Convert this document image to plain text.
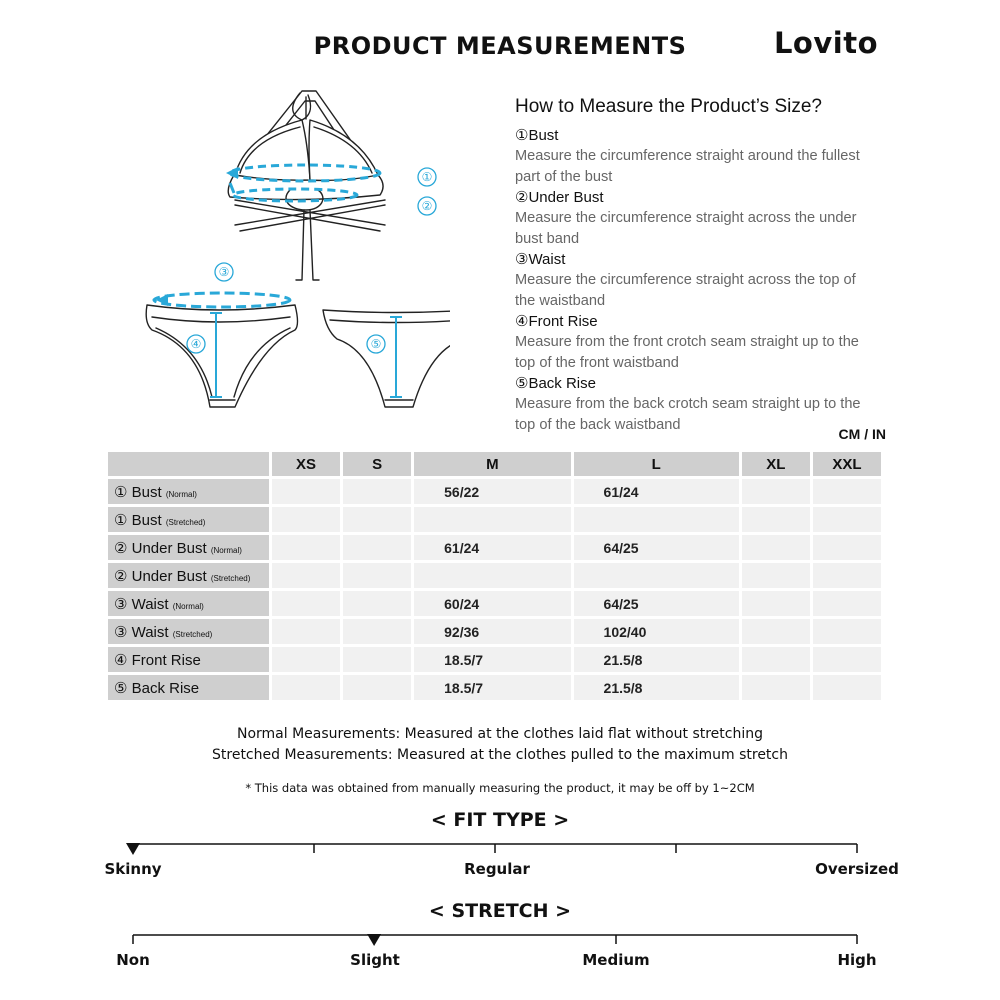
PRODUCT MEASUREMENTS	Lovito
①
②
③
④	⑤
How to Measure the Product’s Size?
①Bust
Measure the circumference straight around the fullest part of the bust
②Under Bust
Measure the circumference straight across the under bust band
③Waist
Measure the circumference straight across the top of the waistband
④Front Rise
Measure from the front crotch seam straight up to the top of the front waistband
⑤Back Rise
Measure from the back crotch seam straight up to the top of the back waistband
CM / IN
	XS	S	M	L	XL	XXL
① Bust (Normal)			56/22	61/24		
① Bust (Stretched)						
② Under Bust (Normal)			61/24	64/25		
② Under Bust (Stretched)						
③ Waist (Normal)			60/24	64/25		
③ Waist (Stretched)			92/36	102/40		
④ Front Rise			18.5/7	21.5/8		
⑤ Back Rise			18.5/7	21.5/8		
Normal Measurements: Measured at the clothes laid flat without stretching
Stretched Measurements: Measured at the clothes pulled to the maximum stretch
* This data was obtained from manually measuring the product, it may be off by 1~2CM
< FIT TYPE >
Skinny	Regular	Oversized
< STRETCH >
Non	Slight	Medium	High
